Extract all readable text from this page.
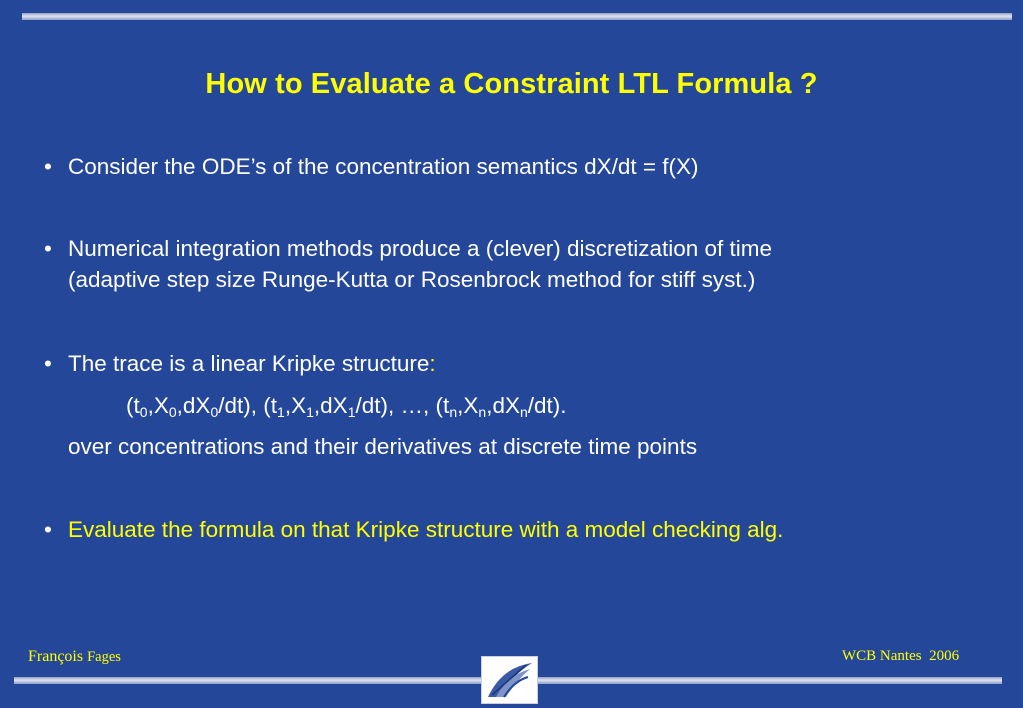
How to Evaluate a Constraint LTL Formula ?
• Consider the ODE’s of the concentration semantics dX/dt = f(X)
• Numerical integration methods produce a (clever) discretization of time
(adaptive step size Runge-Kutta or Rosenbrock method for stiff syst.)
• The trace is a linear Kripke structure:
$(t_0,X_0,dX_0/dt)$, $(t_1,X_1,dX_1/dt)$, …, $(t_n,X_n,dX_n/dt)$.
over concentrations and their derivatives at discrete time points
• Evaluate the formula on that Kripke structure with a model checking alg.
François Fages	WCB Nantes  2006
